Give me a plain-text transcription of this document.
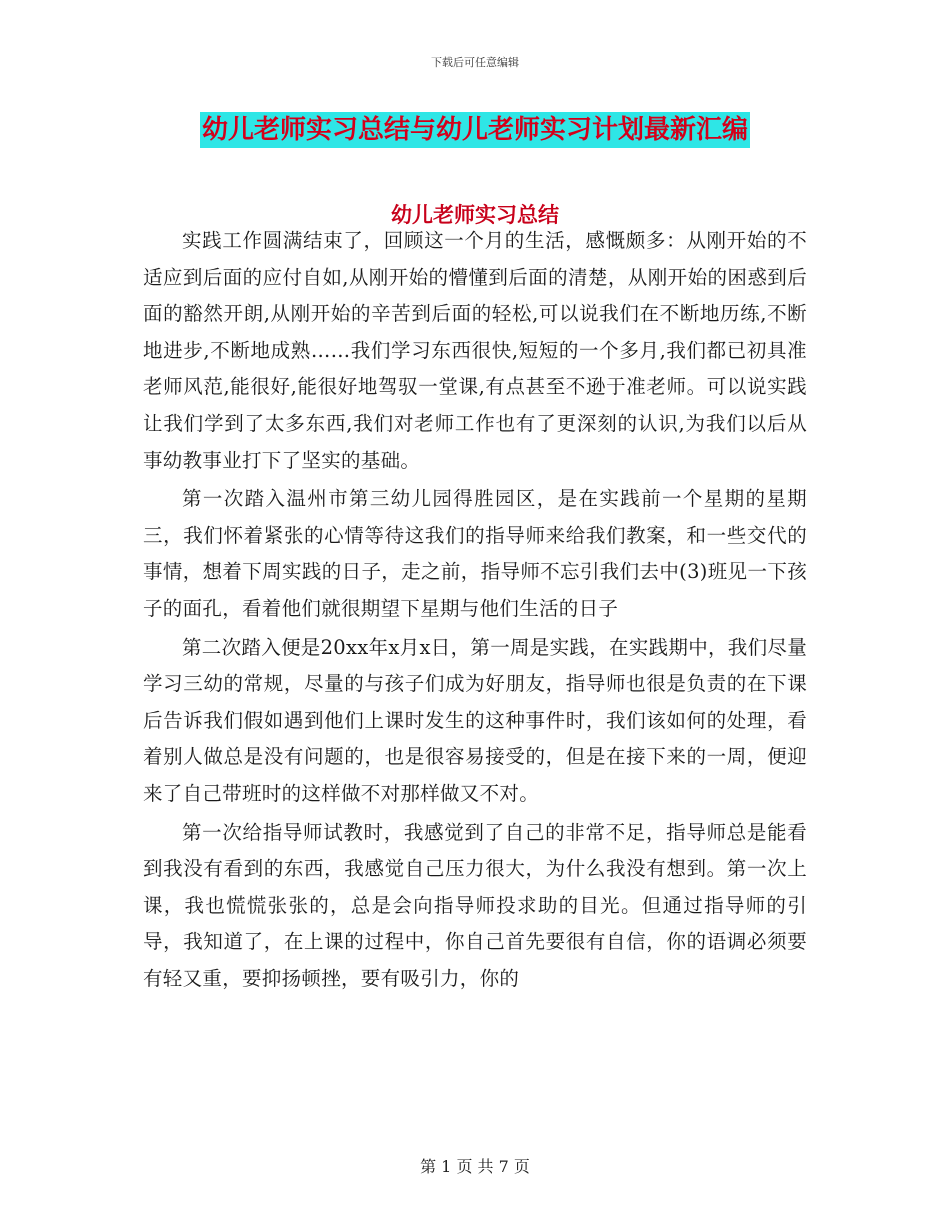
下载后可任意编辑
幼儿老师实习总结与幼儿老师实习计划最新汇编
幼儿老师实习总结

实践工作圆满结束了，回顾这一个月的生活，感慨颇多：从刚开始的不适应到后面的应付自如,从刚开始的懵懂到后面的清楚，从刚开始的困惑到后面的豁然开朗,从刚开始的辛苦到后面的轻松,可以说我们在不断地历练,不断地进步,不断地成熟……我们学习东西很快,短短的一个多月,我们都已初具准老师风范,能很好,能很好地驾驭一堂课,有点甚至不逊于准老师。可以说实践让我们学到了太多东西,我们对老师工作也有了更深刻的认识,为我们以后从事幼教事业打下了坚实的基础。

第一次踏入温州市第三幼儿园得胜园区，是在实践前一个星期的星期三，我们怀着紧张的心情等待这我们的指导师来给我们教案，和一些交代的事情，想着下周实践的日子，走之前，指导师不忘引我们去中(3)班见一下孩子的面孔，看着他们就很期望下星期与他们生活的日子

第二次踏入便是20xx年x月x日，第一周是实践，在实践期中，我们尽量学习三幼的常规，尽量的与孩子们成为好朋友，指导师也很是负责的在下课后告诉我们假如遇到他们上课时发生的这种事件时，我们该如何的处理，看着别人做总是没有问题的，也是很容易接受的，但是在接下来的一周，便迎来了自己带班时的这样做不对那样做又不对。

第一次给指导师试教时，我感觉到了自己的非常不足，指导师总是能看到我没有看到的东西，我感觉自己压力很大，为什么我没有想到。第一次上课，我也慌慌张张的，总是会向指导师投求助的目光。但通过指导师的引导，我知道了，在上课的过程中，你自己首先要很有自信，你的语调必须要有轻又重，要抑扬顿挫，要有吸引力，你的

第 1 页 共 7 页
